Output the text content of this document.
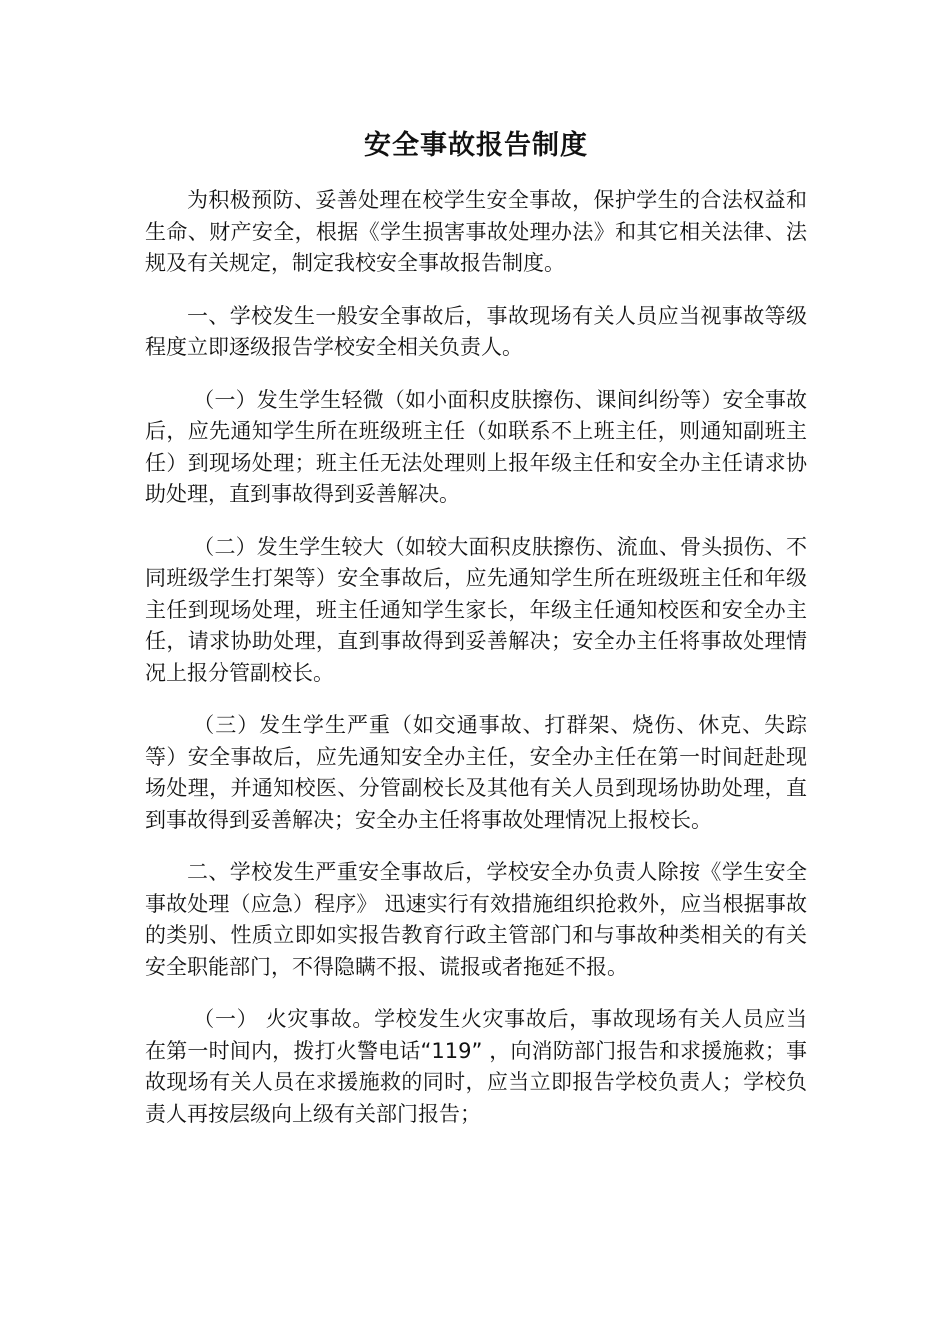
安全事故报告制度

为积极预防、妥善处理在校学生安全事故，保护学生的合法权益和生命、财产安全，根据《学生损害事故处理办法》和其它相关法律、法规及有关规定，制定我校安全事故报告制度。

一、学校发生一般安全事故后，事故现场有关人员应当视事故等级程度立即逐级报告学校安全相关负责人。

（一）发生学生轻微（如小面积皮肤擦伤、课间纠纷等）安全事故后，应先通知学生所在班级班主任（如联系不上班主任，则通知副班主任）到现场处理；班主任无法处理则上报年级主任和安全办主任请求协助处理，直到事故得到妥善解决。

（二）发生学生较大（如较大面积皮肤擦伤、流血、骨头损伤、不同班级学生打架等）安全事故后，应先通知学生所在班级班主任和年级主任到现场处理，班主任通知学生家长，年级主任通知校医和安全办主任，请求协助处理，直到事故得到妥善解决；安全办主任将事故处理情况上报分管副校长。

（三）发生学生严重（如交通事故、打群架、烧伤、休克、失踪等）安全事故后，应先通知安全办主任，安全办主任在第一时间赶赴现场处理，并通知校医、分管副校长及其他有关人员到现场协助处理，直到事故得到妥善解决；安全办主任将事故处理情况上报校长。

二、学校发生严重安全事故后，学校安全办负责人除按《学生安全事故处理（应急）程序》 迅速实行有效措施组织抢救外，应当根据事故的类别、性质立即如实报告教育行政主管部门和与事故种类相关的有关安全职能部门，不得隐瞒不报、谎报或者拖延不报。

（一） 火灾事故。学校发生火灾事故后，事故现场有关人员应当在第一时间内，拨打火警电话“119” ，向消防部门报告和求援施救；事故现场有关人员在求援施救的同时，应当立即报告学校负责人；学校负责人再按层级向上级有关部门报告；
